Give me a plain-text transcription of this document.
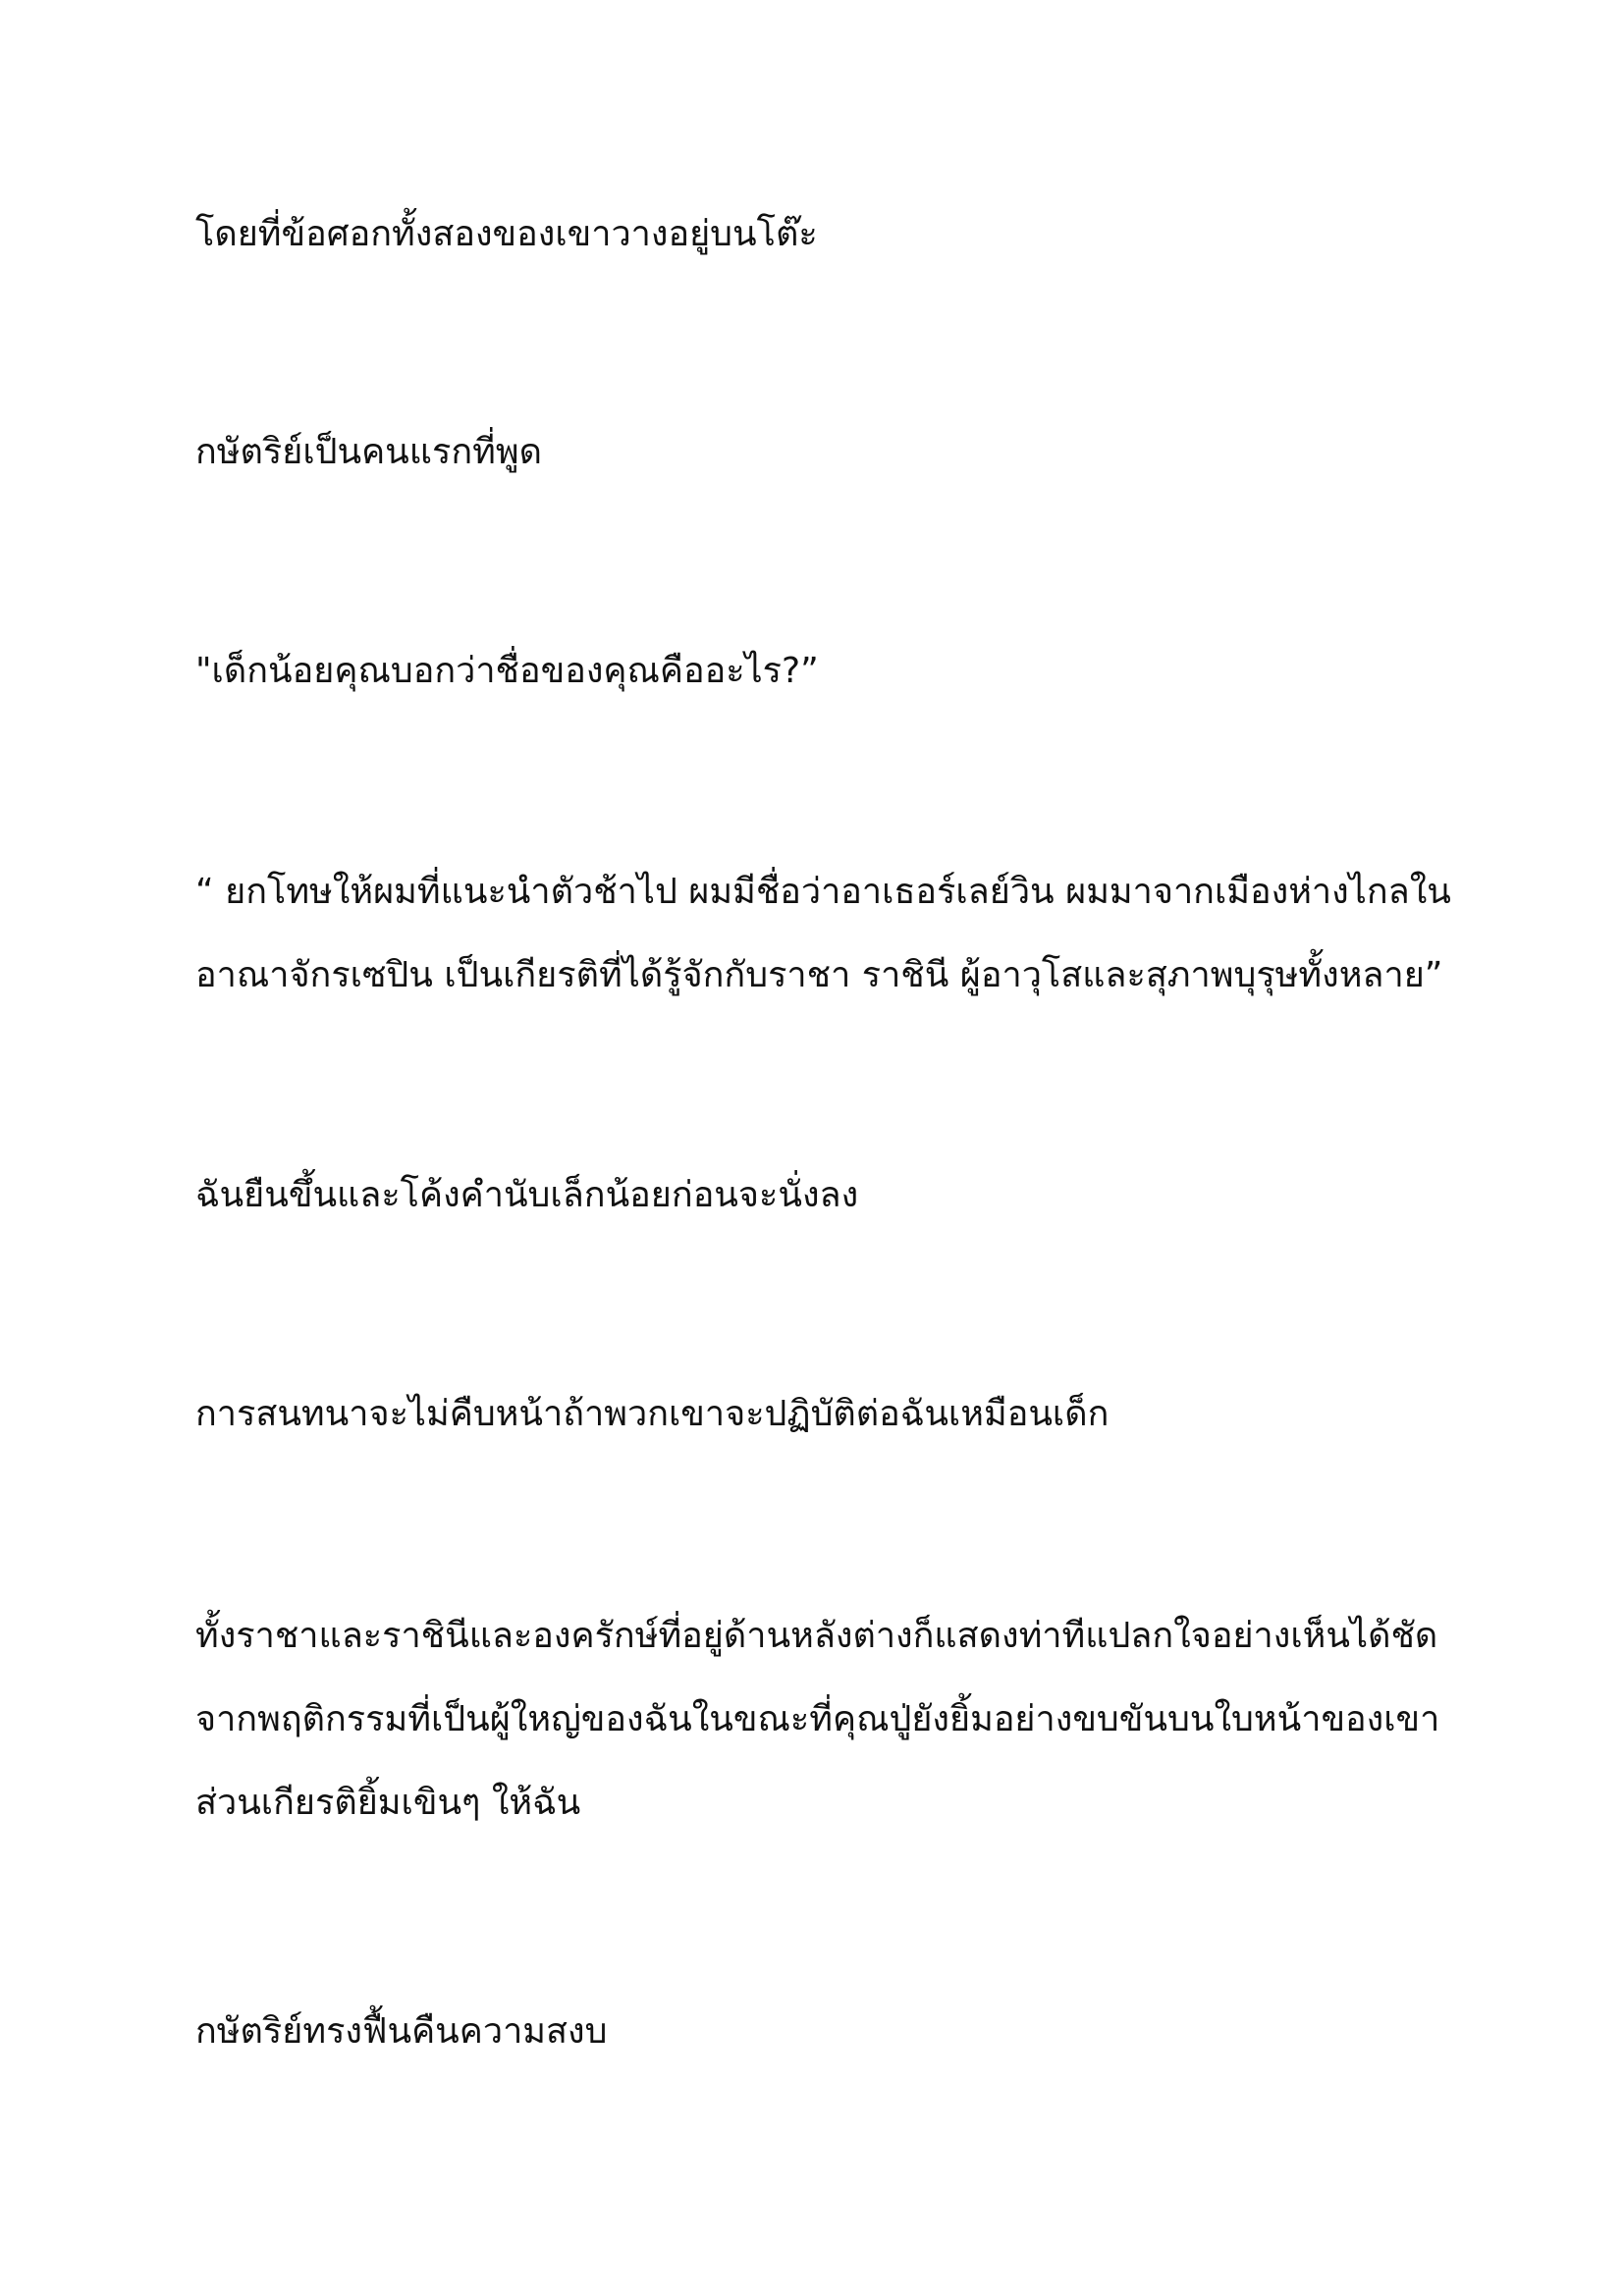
โดยที่ข้อศอกทั้งสองของเขาวางอยู่บนโต๊ะ

กษัตริย์เป็นคนแรกที่พูด

"เด็กน้อยคุณบอกว่าชื่อของคุณคืออะไร?”

“ ยกโทษให้ผมที่แนะนำตัวช้าไป ผมมีชื่อว่าอาเธอร์เลย์วิน ผมมาจากเมืองห่างไกลใน
อาณาจักรเซปิน เป็นเกียรติที่ได้รู้จักกับราชา ราชินี ผู้อาวุโสและสุภาพบุรุษทั้งหลาย”

ฉันยืนขึ้นและโค้งคำนับเล็กน้อยก่อนจะนั่งลง

การสนทนาจะไม่คืบหน้าถ้าพวกเขาจะปฏิบัติต่อฉันเหมือนเด็ก

ทั้งราชาและราชินีและองครักษ์ที่อยู่ด้านหลังต่างก็แสดงท่าทีแปลกใจอย่างเห็นได้ชัด
จากพฤติกรรมที่เป็นผู้ใหญ่ของฉันในขณะที่คุณปู่ยังยิ้มอย่างขบขันบนใบหน้าของเขา
ส่วนเกียรติยิ้มเขินๆ ให้ฉัน

กษัตริย์ทรงฟื้นคืนความสงบ
